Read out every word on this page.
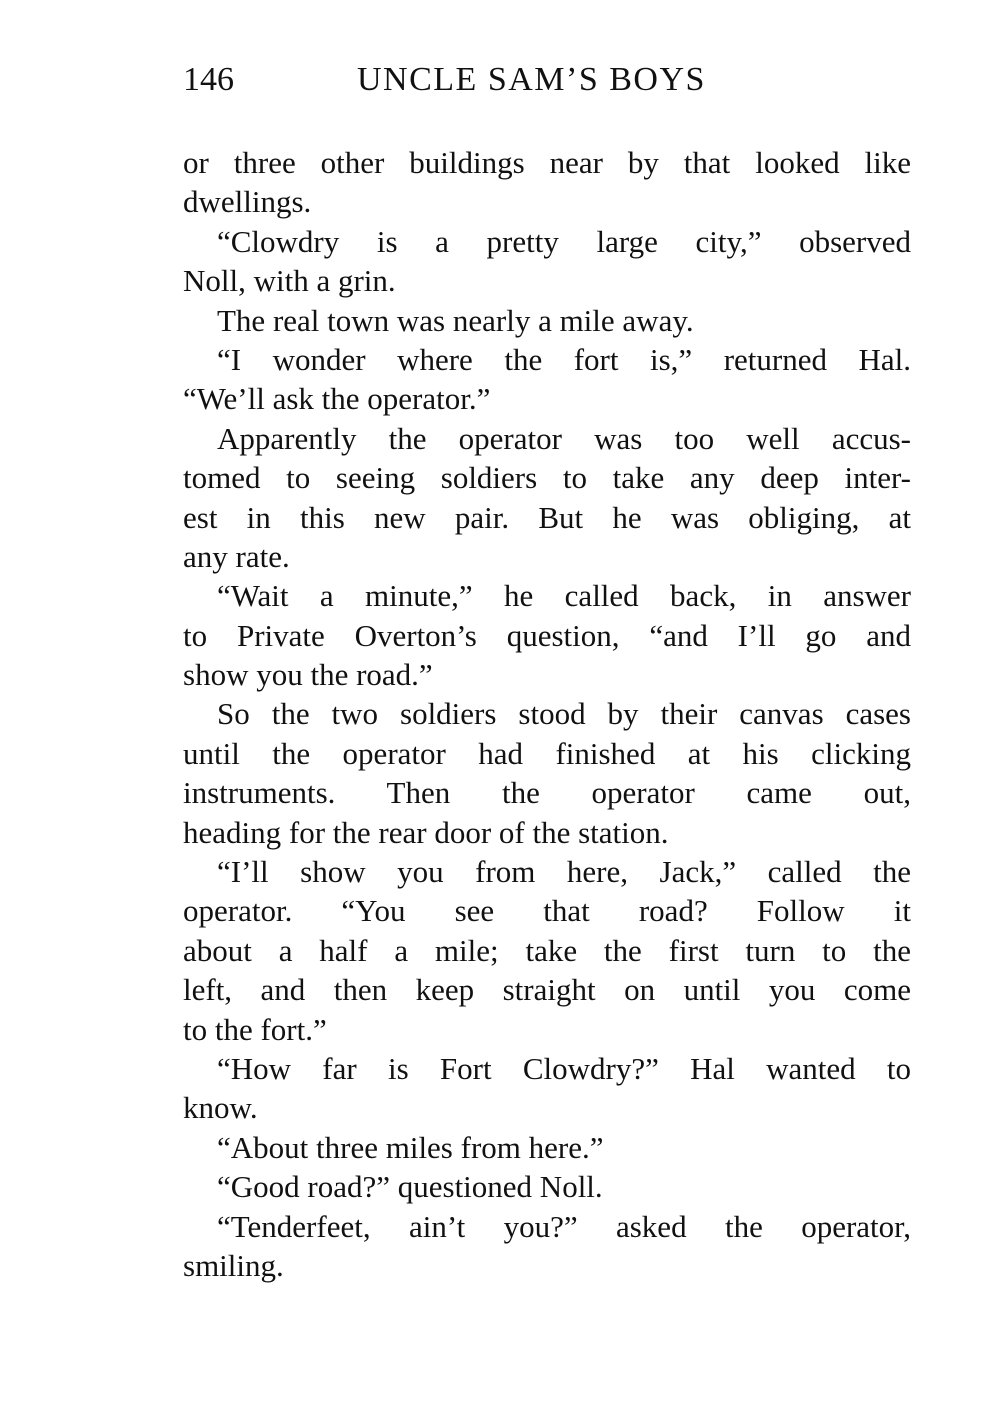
146	UNCLE SAM’S BOYS
or three other buildings near by that looked like
dwellings.
“Clowdry is a pretty large city,” observed
Noll, with a grin.
The real town was nearly a mile away.
“I wonder where the fort is,” returned Hal.
“We’ll ask the operator.”
Apparently the operator was too well accus-
tomed to seeing soldiers to take any deep inter-
est in this new pair. But he was obliging, at
any rate.
“Wait a minute,” he called back, in answer
to Private Overton’s question, “and I’ll go and
show you the road.”
So the two soldiers stood by their canvas cases
until the operator had finished at his clicking
instruments. Then the operator came out,
heading for the rear door of the station.
“I’ll show you from here, Jack,” called the
operator. “You see that road? Follow it
about a half a mile; take the first turn to the
left, and then keep straight on until you come
to the fort.”
“How far is Fort Clowdry?” Hal wanted to
know.
“About three miles from here.”
“Good road?” questioned Noll.
“Tenderfeet, ain’t you?” asked the operator,
smiling.
